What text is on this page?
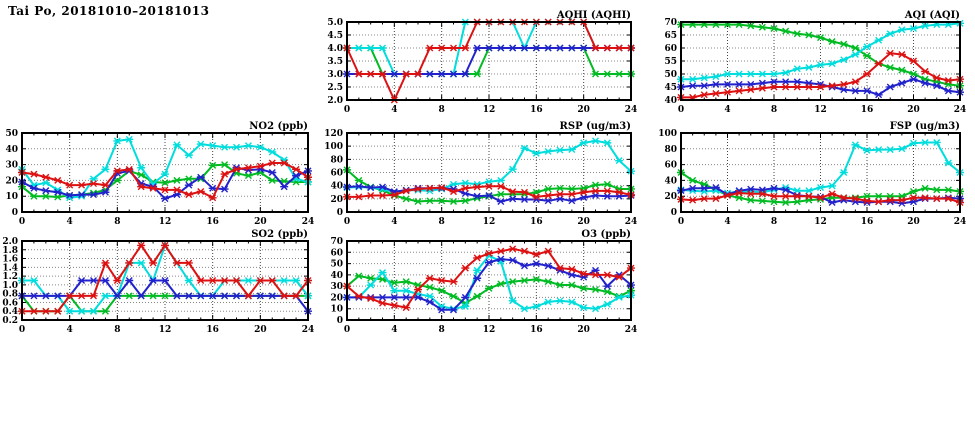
Tai Po, 20181010–20181013	AQHI (AQHI)
2.0
2.5
3.0
3.5
4.0
4.5
5.0
0	4	8	12	16	20	24
AQI (AQI)
40
45
50
55
60
65
70
0	4	8	12	16	20	24
NO2 (ppb)
0
10
20
30
40
50
0	4	8	12	16	20	24
RSP (ug/m3)
0
20
40
60
80
100
120
0	4	8	12	16	20	24
FSP (ug/m3)
0
20
40
60
80
100
0	4	8	12	16	20	24
SO2 (ppb)
0.2
0.4
0.6
0.8
1.0
1.2
1.4
1.6
1.8
2.0
0	4	8	12	16	20	24
O3 (ppb)
0
10
20
30
40
50
60
70
0	4	8	12	16	20	24
